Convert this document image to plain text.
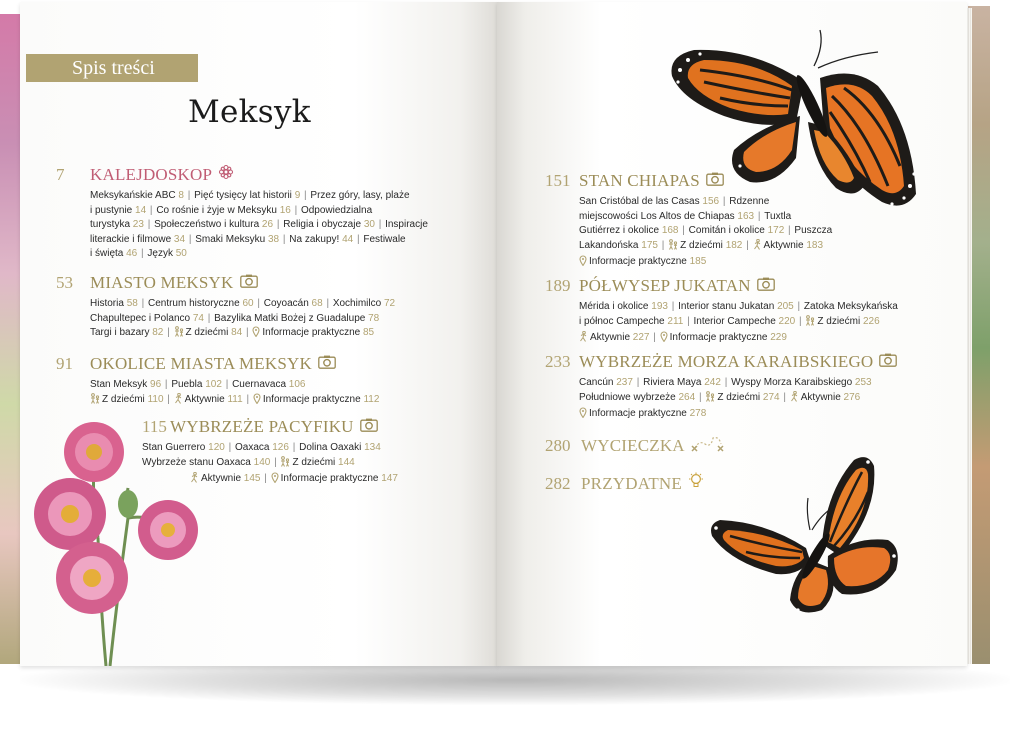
Spis treści
Meksyk
7	KALEJDOSKOP
Meksykańskie ABC 8 | Pięć tysięcy lat historii 9 | Przez góry, lasy, plaże
i pustynie 14 | Co rośnie i żyje w Meksyku 16 | Odpowiedzialna
turystyka 23 | Społeczeństwo i kultura 26 | Religia i obyczaje 30 | Inspiracje
literackie i filmowe 34 | Smaki Meksyku 38 | Na zakupy! 44 | Festiwale
i święta 46 | Język 50
53	MIASTO MEKSYK
Historia 58 | Centrum historyczne 60 | Coyoacán 68 | Xochimilco 72
Chapultepec i Polanco 74 | Bazylika Matki Bożej z Guadalupe 78
Targi i bazary 82 | Z dziećmi 84 | Informacje praktyczne 85
91	OKOLICE MIASTA MEKSYK
Stan Meksyk 96 | Puebla 102 | Cuernavaca 106
Z dziećmi 110 | Aktywnie 111 | Informacje praktyczne 112
115 WYBRZEŻE PACYFIKU
Stan Guerrero 120 | Oaxaca 126 | Dolina Oaxaki 134
Wybrzeże stanu Oaxaca 140 | Z dziećmi 144
Aktywnie 145 | Informacje praktyczne 147
151 STAN CHIAPAS
San Cristóbal de las Casas 156 | Rdzenne
miejscowości Los Altos de Chiapas 163 | Tuxtla
Gutiérrez i okolice 168 | Comitán i okolice 172 | Puszcza
Lakandońska 175 | Z dziećmi 182 | Aktywnie 183
Informacje praktyczne 185
189 PÓŁWYSEP JUKATAN
Mérida i okolice 193 | Interior stanu Jukatan 205 | Zatoka Meksykańska
i północ Campeche 211 | Interior Campeche 220 | Z dziećmi 226
Aktywnie 227 | Informacje praktyczne 229
233 WYBRZEŻE MORZA KARAIBSKIEGO
Cancún 237 | Riviera Maya 242 | Wyspy Morza Karaibskiego 253
Południowe wybrzeże 264 | Z dziećmi 274 | Aktywnie 276
Informacje praktyczne 278
280 WYCIECZKA
282 PRZYDATNE
